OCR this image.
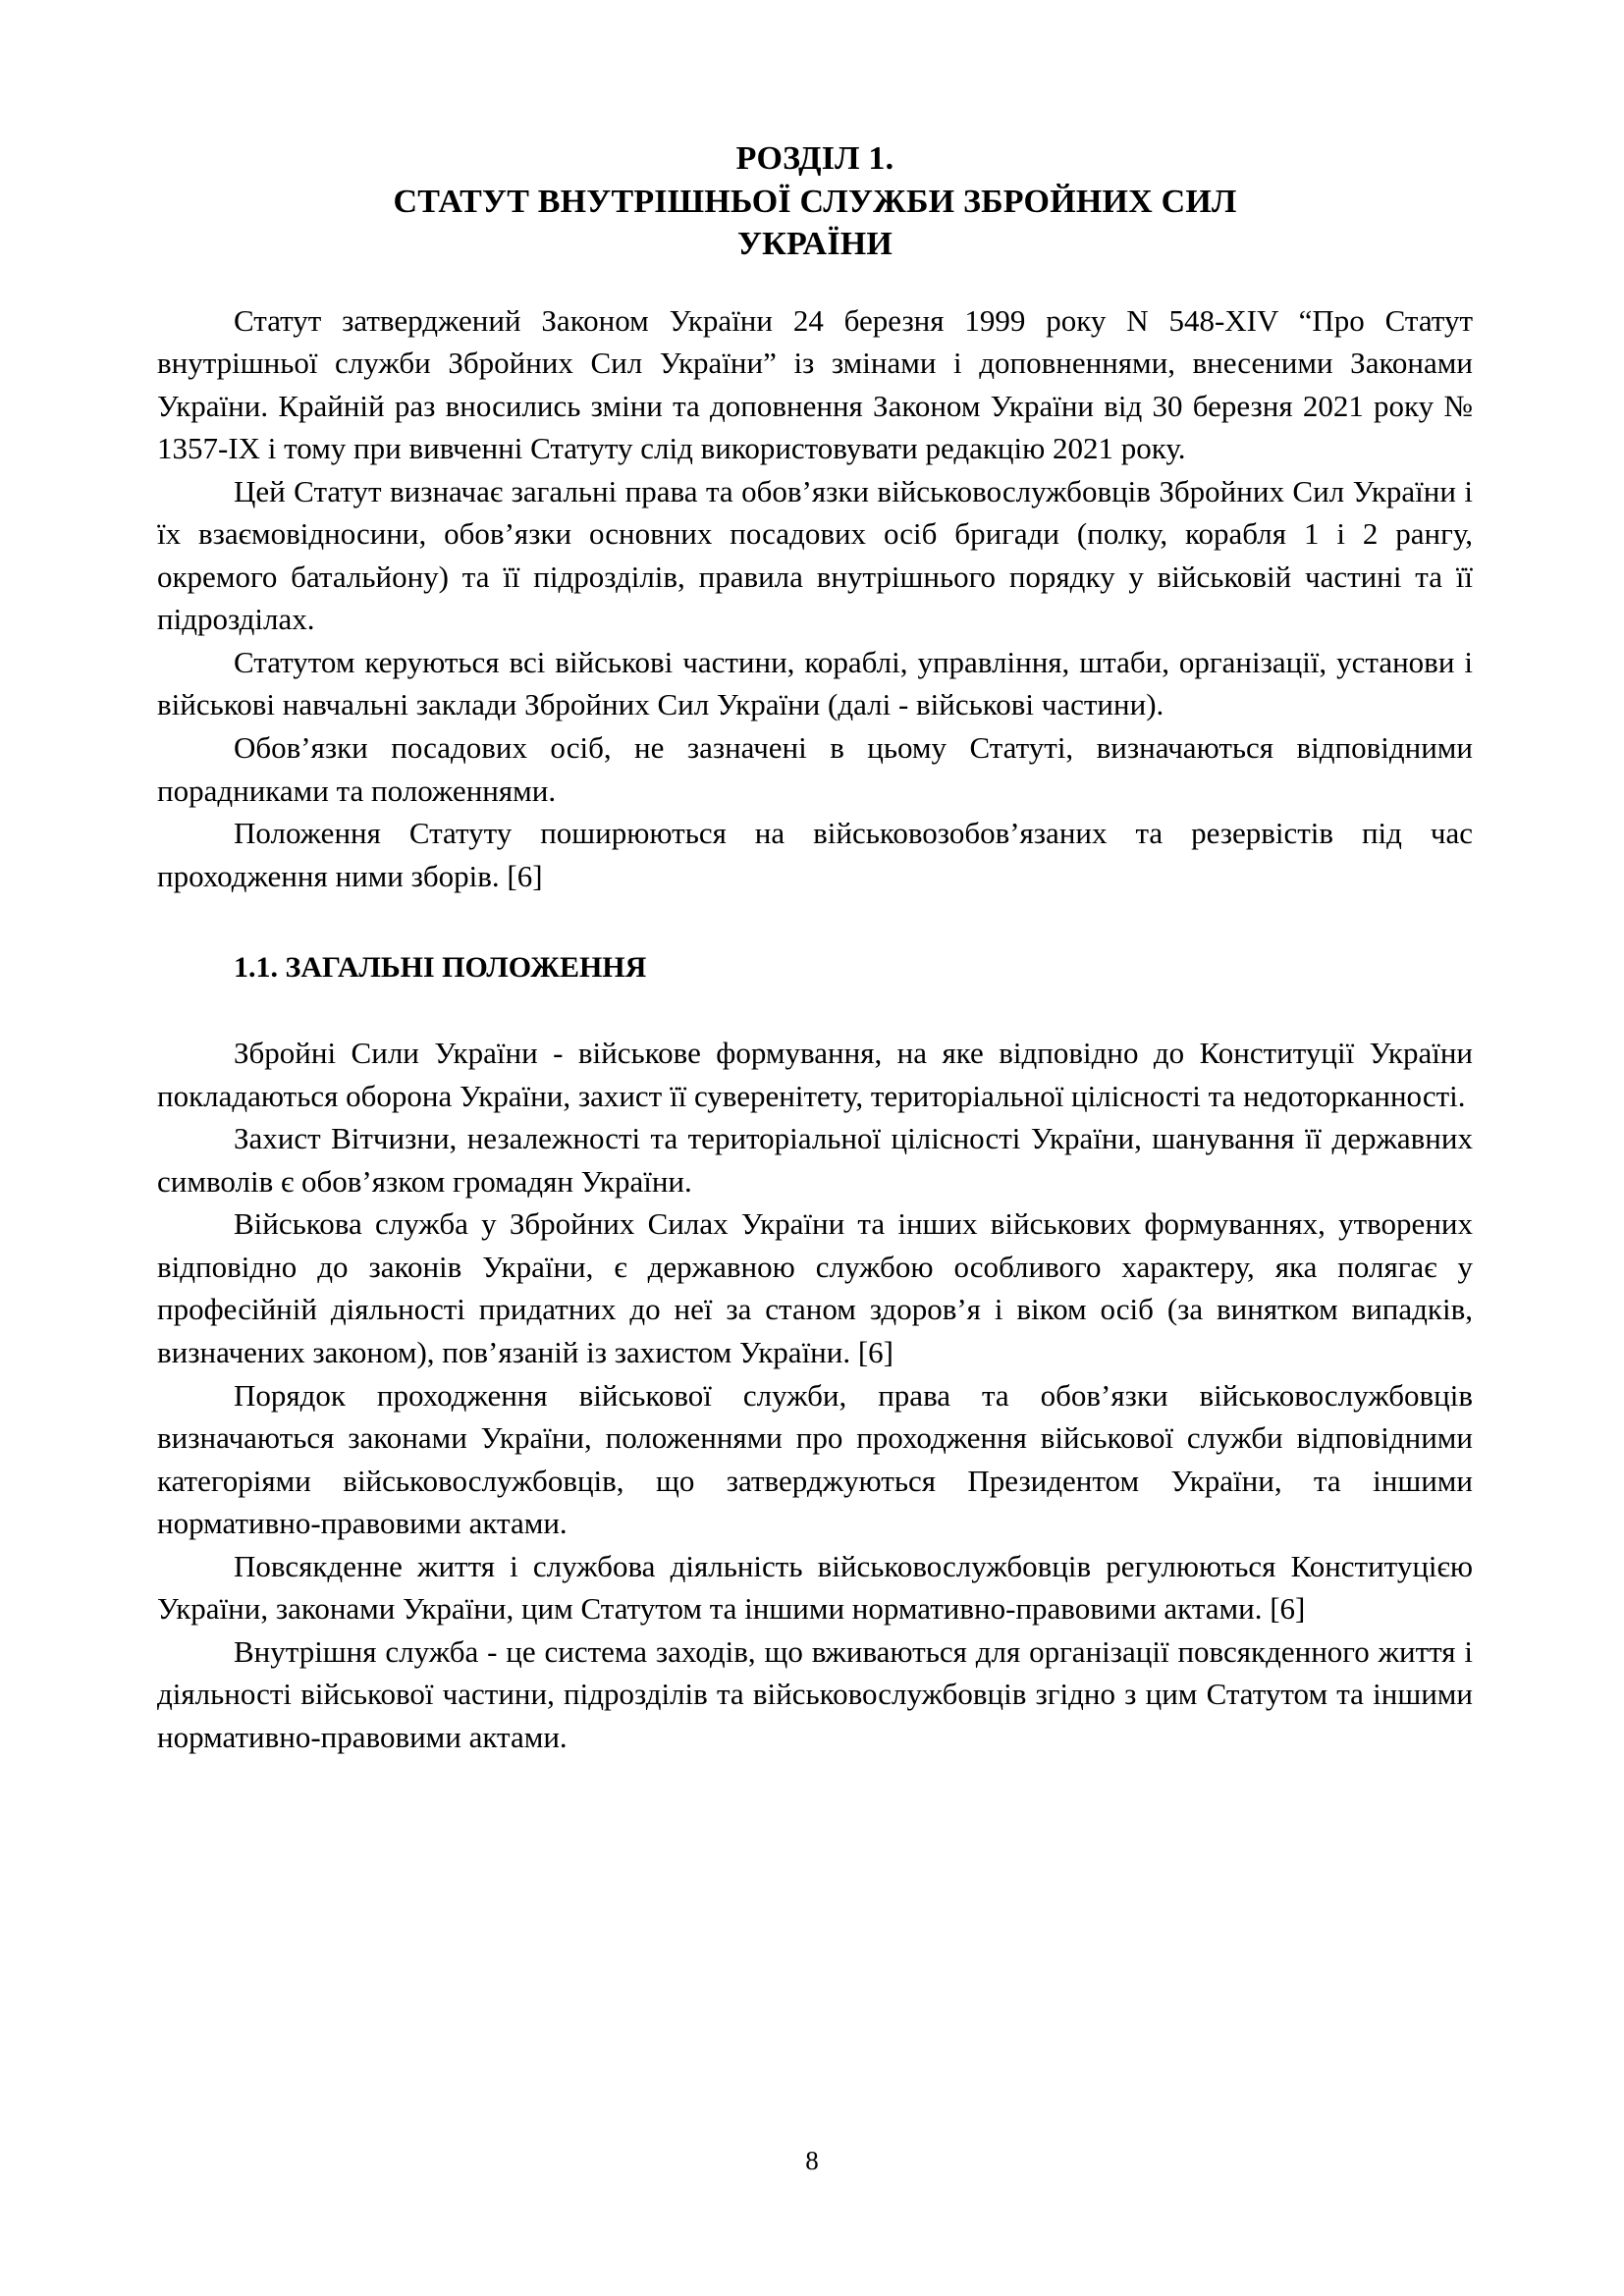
РОЗДІЛ 1.
СТАТУТ ВНУТРІШНЬОЇ СЛУЖБИ ЗБРОЙНИХ СИЛ
УКРАЇНИ

Статут затверджений Законом України 24 березня 1999 року N 548-XIV “Про Статут внутрішньої служби Збройних Сил України” із змінами і доповненнями, внесеними Законами України. Крайній раз вносились зміни та доповнення Законом України від 30 березня 2021 року № 1357-IX і тому при вивченні Статуту слід використовувати редакцію 2021 року.

Цей Статут визначає загальні права та обов’язки військовослужбовців Збройних Сил України і їх взаємовідносини, обов’язки основних посадових осіб бригади (полку, корабля 1 і 2 рангу, окремого батальйону) та її підрозділів, правила внутрішнього порядку у військовій частині та її підрозділах.

Статутом керуються всі військові частини, кораблі, управління, штаби, організації, установи і військові навчальні заклади Збройних Сил України (далі - військові частини).

Обов’язки посадових осіб, не зазначені в цьому Статуті, визначаються відповідними порадниками та положеннями.

Положення Статуту поширюються на військовозобов’язаних та резервістів під час проходження ними зборів. [6]

1.1. ЗАГАЛЬНІ ПОЛОЖЕННЯ

Збройні Сили України - військове формування, на яке відповідно до Конституції України покладаються оборона України, захист її суверенітету, територіальної цілісності та недоторканності.

Захист Вітчизни, незалежності та територіальної цілісності України, шанування її державних символів є обов’язком громадян України.

Військова служба у Збройних Силах України та інших військових формуваннях, утворених відповідно до законів України, є державною службою особливого характеру, яка полягає у професійній діяльності придатних до неї за станом здоров’я і віком осіб (за винятком випадків, визначених законом), пов’язаній із захистом України. [6]

Порядок проходження військової служби, права та обов’язки військовослужбовців визначаються законами України, положеннями про проходження військової служби відповідними категоріями військовослужбовців, що затверджуються Президентом України, та іншими нормативно-правовими актами.

Повсякденне життя і службова діяльність військовослужбовців регулюються Конституцією України, законами України, цим Статутом та іншими нормативно-правовими актами. [6]

Внутрішня служба - це система заходів, що вживаються для організації повсякденного життя і діяльності військової частини, підрозділів та військовослужбовців згідно з цим Статутом та іншими нормативно-правовими актами.

8
